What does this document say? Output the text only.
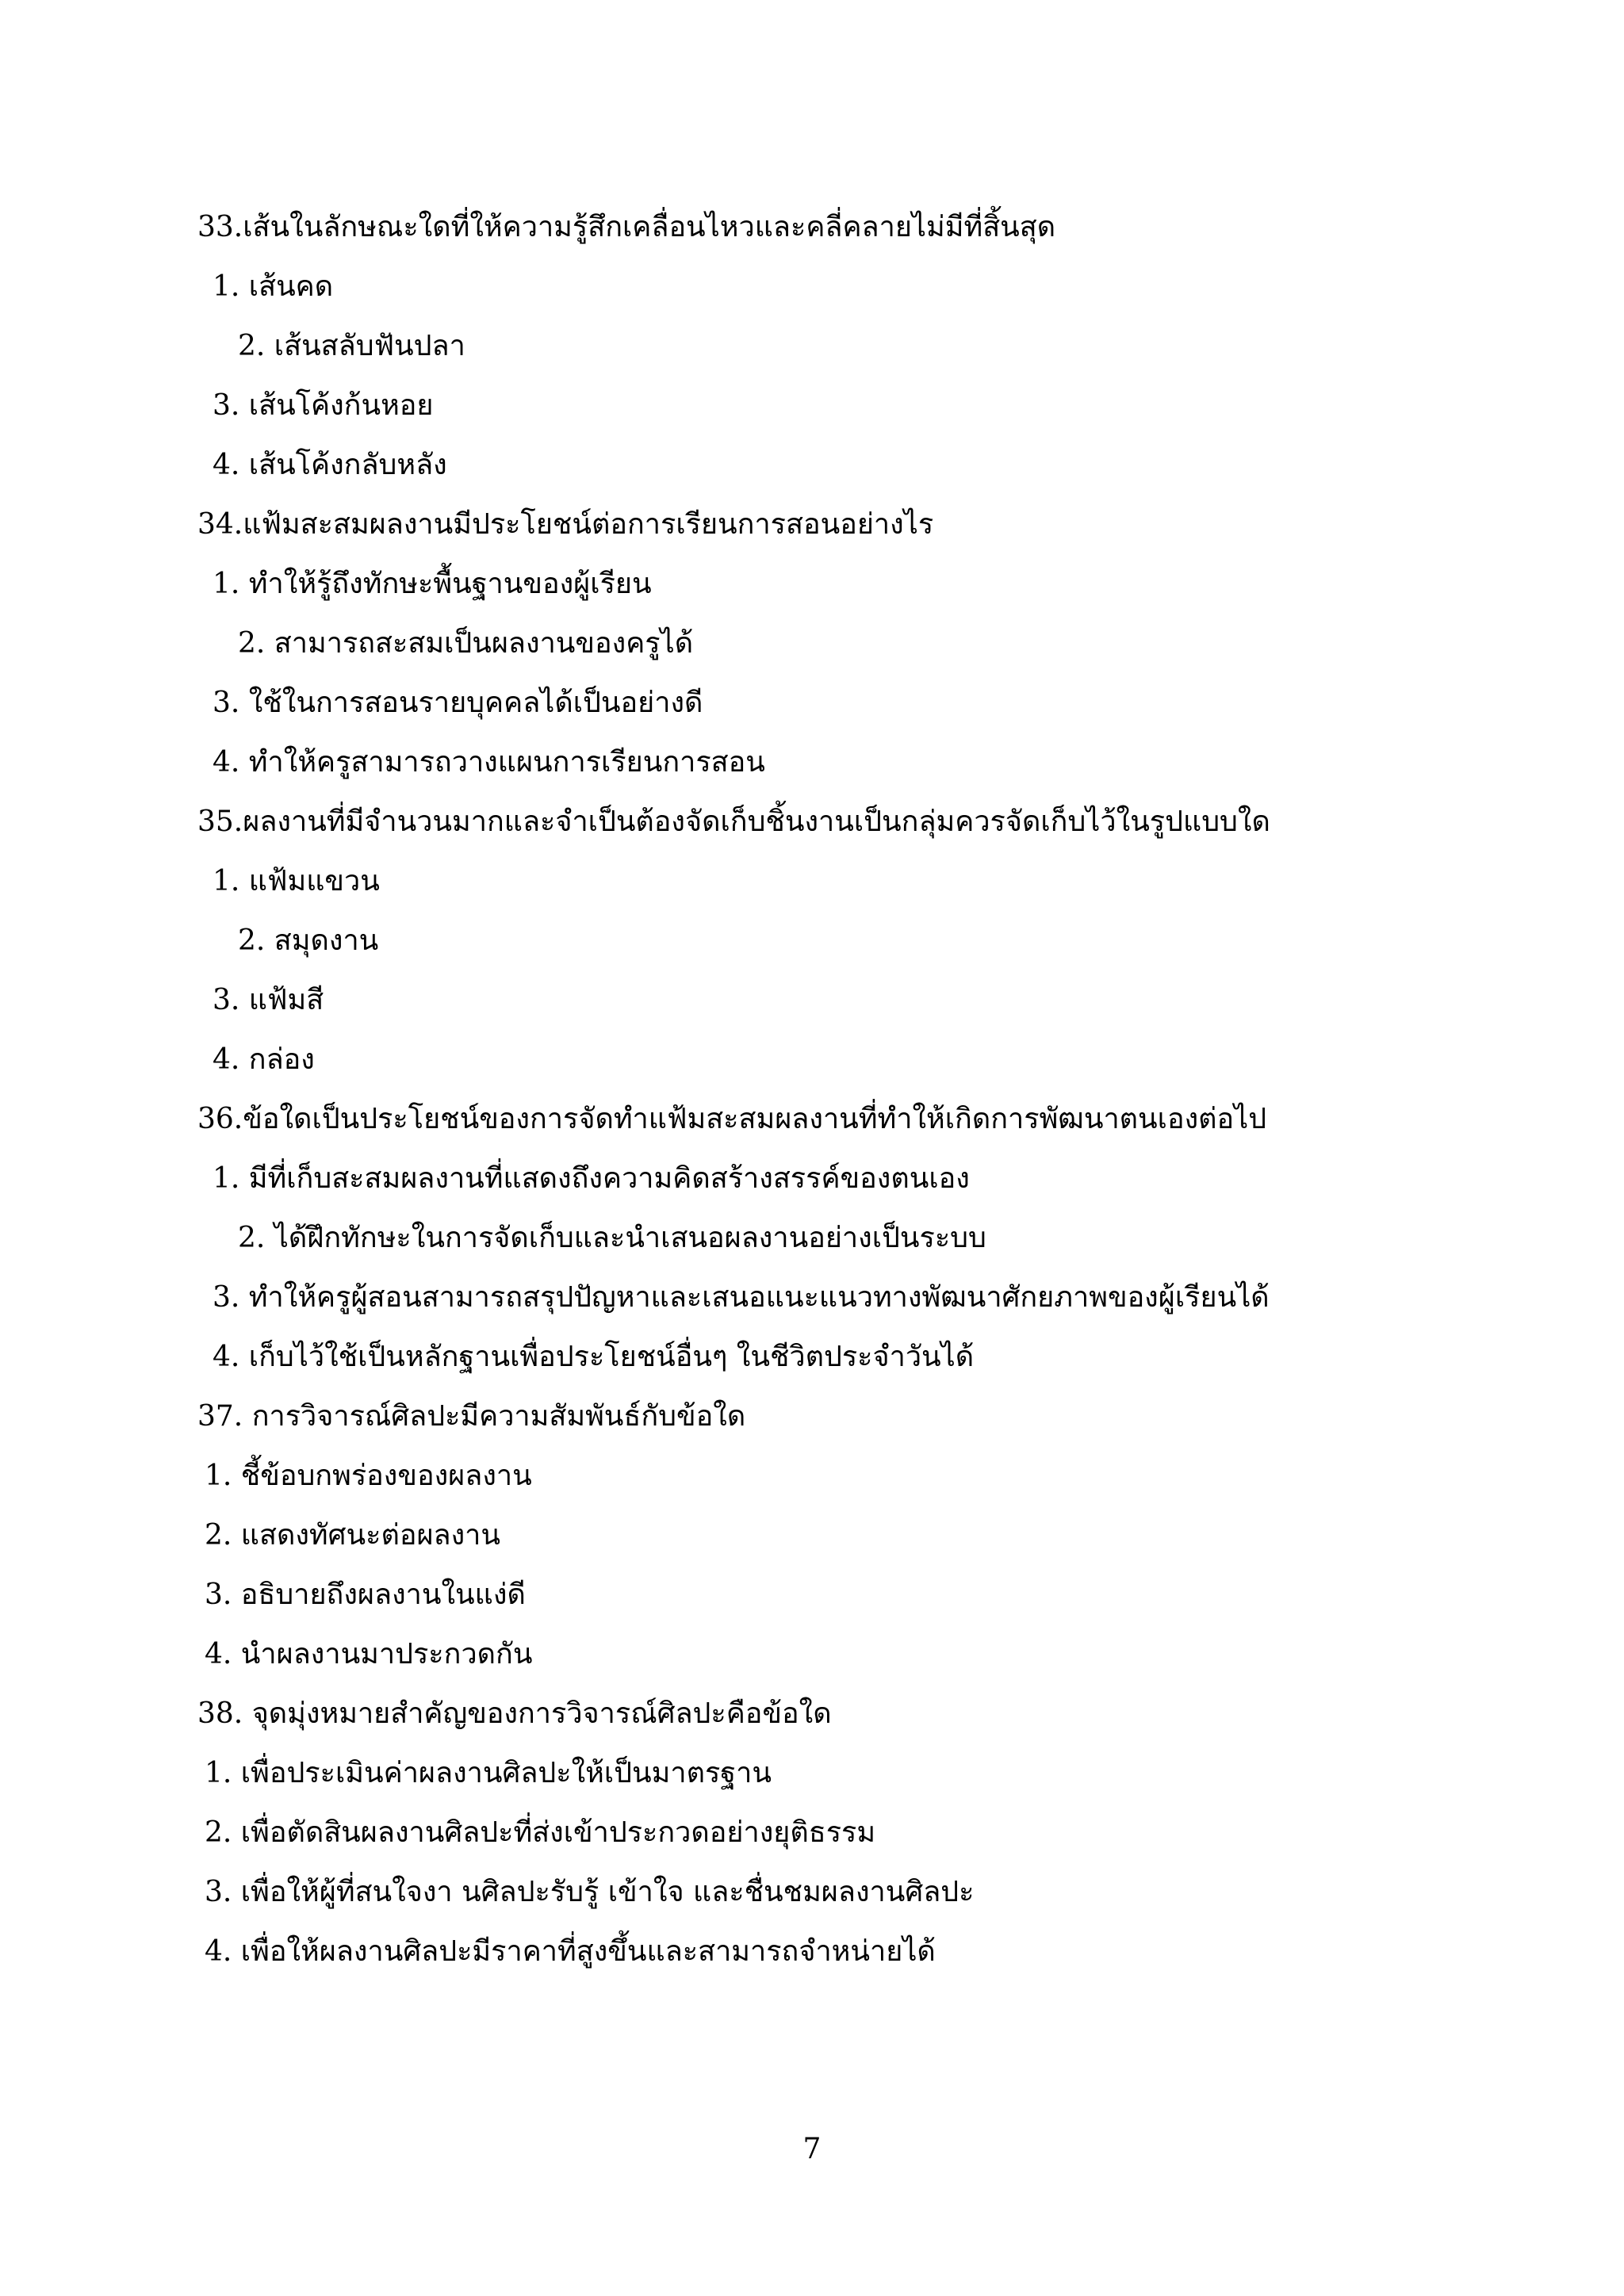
33.เส้นในลักษณะใดที่ให้ความรู้สึกเคลื่อนไหวและคลี่คลายไม่มีที่สิ้นสุด
1. เส้นคด
2. เส้นสลับฟันปลา
3. เส้นโค้งก้นหอย
4. เส้นโค้งกลับหลัง
34.แฟ้มสะสมผลงานมีประโยชน์ต่อการเรียนการสอนอย่างไร
1. ทำให้รู้ถึงทักษะพื้นฐานของผู้เรียน
2. สามารถสะสมเป็นผลงานของครูได้
3. ใช้ในการสอนรายบุคคลได้เป็นอย่างดี
4. ทำให้ครูสามารถวางแผนการเรียนการสอน
35.ผลงานที่มีจำนวนมากและจำเป็นต้องจัดเก็บชิ้นงานเป็นกลุ่มควรจัดเก็บไว้ในรูปแบบใด
1. แฟ้มแขวน
2. สมุดงาน
3. แฟ้มสี
4. กล่อง
36.ข้อใดเป็นประโยชน์ของการจัดทำแฟ้มสะสมผลงานที่ทำให้เกิดการพัฒนาตนเองต่อไป
1. มีที่เก็บสะสมผลงานที่แสดงถึงความคิดสร้างสรรค์ของตนเอง
2. ได้ฝึกทักษะในการจัดเก็บและนำเสนอผลงานอย่างเป็นระบบ
3. ทำให้ครูผู้สอนสามารถสรุปปัญหาและเสนอแนะแนวทางพัฒนาศักยภาพของผู้เรียนได้
4. เก็บไว้ใช้เป็นหลักฐานเพื่อประโยชน์อื่นๆ ในชีวิตประจำวันได้
37. การวิจารณ์ศิลปะมีความสัมพันธ์กับข้อใด
1. ชี้ข้อบกพร่องของผลงาน
2. แสดงทัศนะต่อผลงาน
3. อธิบายถึงผลงานในแง่ดี
4. นำผลงานมาประกวดกัน
38. จุดมุ่งหมายสำคัญของการวิจารณ์ศิลปะคือข้อใด
1. เพื่อประเมินค่าผลงานศิลปะให้เป็นมาตรฐาน
2. เพื่อตัดสินผลงานศิลปะที่ส่งเข้าประกวดอย่างยุติธรรม
3. เพื่อให้ผู้ที่สนใจงา นศิลปะรับรู้ เข้าใจ และชื่นชมผลงานศิลปะ
4. เพื่อให้ผลงานศิลปะมีราคาที่สูงขึ้นและสามารถจำหน่ายได้
7
